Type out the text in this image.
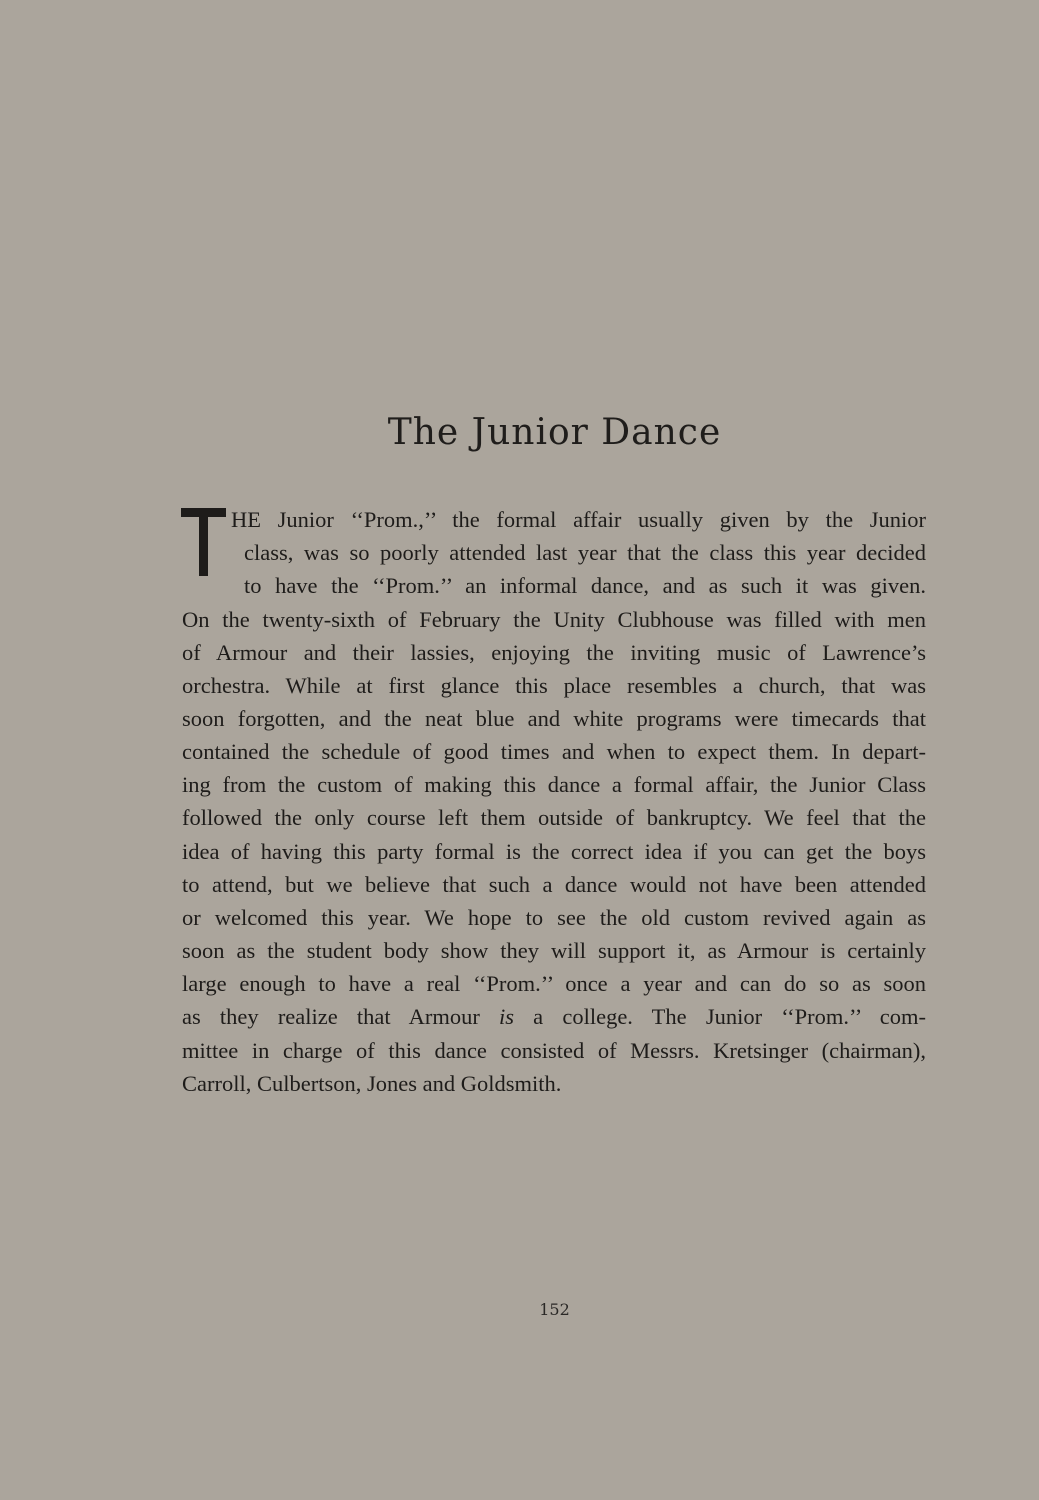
The Junior Dance
HE Junior ‘‘Prom.,’’ the formal affair usually given by the Junior
class, was so poorly attended last year that the class this year decided
to have the ‘‘Prom.’’ an informal dance, and as such it was given.
On the twenty-sixth of February the Unity Clubhouse was filled with men
of Armour and their lassies, enjoying the inviting music of Lawrence’s
orchestra. While at first glance this place resembles a church, that was
soon forgotten, and the neat blue and white programs were timecards that
contained the schedule of good times and when to expect them. In depart-
ing from the custom of making this dance a formal affair, the Junior Class
followed the only course left them outside of bankruptcy. We feel that the
idea of having this party formal is the correct idea if you can get the boys
to attend, but we believe that such a dance would not have been attended
or welcomed this year. We hope to see the old custom revived again as
soon as the student body show they will support it, as Armour is certainly
large enough to have a real ‘‘Prom.’’ once a year and can do so as soon
as they realize that Armour is a college. The Junior ‘‘Prom.’’ com-
mittee in charge of this dance consisted of Messrs. Kretsinger (chairman),
Carroll, Culbertson, Jones and Goldsmith.
152
